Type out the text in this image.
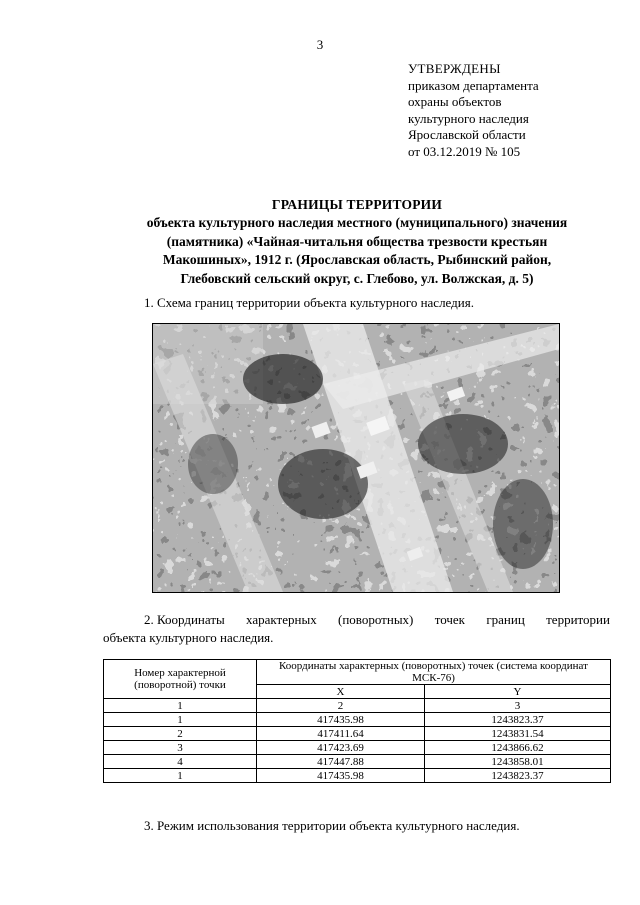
3
УТВЕРЖДЕНЫ
приказом департамента
охраны объектов
культурного наследия
Ярославской области
от 03.12.2019 № 105
ГРАНИЦЫ ТЕРРИТОРИИ
объекта культурного наследия местного (муниципального) значения
(памятника) «Чайная-читальня общества трезвости крестьян
Макошиных», 1912 г. (Ярославская область, Рыбинский район,
Глебовский сельский округ, с. Глебово, ул. Волжская, д. 5)
1. Схема границ территории объекта культурного наследия.
2. Координаты характерных (поворотных) точек границ территории
объекта культурного наследия.
Номер характерной (поворотной) точки	Координаты характерных (поворотных) точек (система координат МСК-76)	
	X	Y
1	2	3
1	417435.98	1243823.37
2	417411.64	1243831.54
3	417423.69	1243866.62
4	417447.88	1243858.01
1	417435.98	1243823.37
3. Режим использования территории объекта культурного наследия.
